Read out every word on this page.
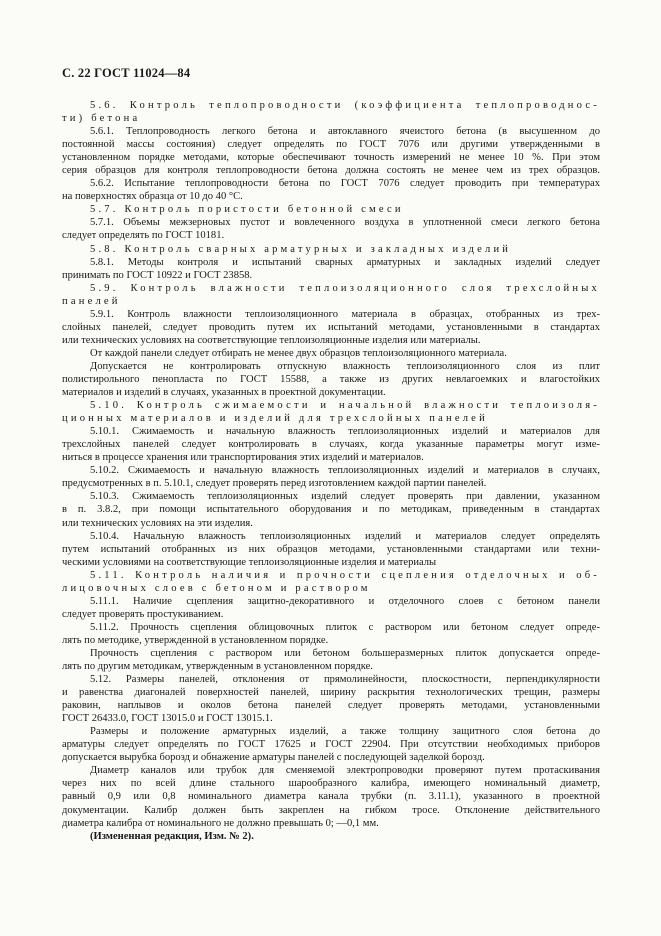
С. 22 ГОСТ 11024—84
5.6. Контроль теплопроводности (коэффициента теплопроводнос-
ти) бетона
5.6.1. Теплопроводность легкого бетона и автоклавного ячеистого бетона (в высушенном до
постоянной массы состояния) следует определять по ГОСТ 7076 или другими утвержденными в
установленном порядке методами, которые обеспечивают точность измерений не менее 10 %. При этом
серия образцов для контроля теплопроводности бетона должна состоять не менее чем из трех образцов.
5.6.2. Испытание теплопроводности бетона по ГОСТ 7076 следует проводить при температурах
на поверхностях образца от 10 до 40 °С.
5.7. Контроль пористости бетонной смеси
5.7.1. Объемы межзерновых пустот и вовлеченного воздуха в уплотненной смеси легкого бетона
следует определять по ГОСТ 10181.
5.8. Контроль сварных арматурных и закладных изделий
5.8.1. Методы контроля и испытаний сварных арматурных и закладных изделий следует
принимать по ГОСТ 10922 и ГОСТ 23858.
5.9. Контроль влажности теплоизоляционного слоя трехслойных
панелей
5.9.1. Контроль влажности теплоизоляционного материала в образцах, отобранных из трех-
слойных панелей, следует проводить путем их испытаний методами, установленными в стандартах
или технических условиях на соответствующие теплоизоляционные изделия или материалы.
От каждой панели следует отбирать не менее двух образцов теплоизоляционного материала.
Допускается не контролировать отпускную влажность теплоизоляционного слоя из плит
полистирольного пенопласта по ГОСТ 15588, а также из других невлагоемких и влагостойких
материалов и изделий в случаях, указанных в проектной документации.
5.10. Контроль сжимаемости и начальной влажности теплоизоля-
ционных материалов и изделий для трехслойных панелей
5.10.1. Сжимаемость и начальную влажность теплоизоляционных изделий и материалов для
трехслойных панелей следует контролировать в случаях, когда указанные параметры могут изме-
ниться в процессе хранения или транспортирования этих изделий и материалов.
5.10.2. Сжимаемость и начальную влажность теплоизоляционных изделий и материалов в случаях,
предусмотренных в п. 5.10.1, следует проверять перед изготовлением каждой партии панелей.
5.10.3. Сжимаемость теплоизоляционных изделий следует проверять при давлении, указанном
в п. 3.8.2, при помощи испытательного оборудования и по методикам, приведенным в стандартах
или технических условиях на эти изделия.
5.10.4. Начальную влажность теплоизоляционных изделий и материалов следует определять
путем испытаний отобранных из них образцов методами, установленными стандартами или техни-
ческими условиями на соответствующие теплоизоляционные изделия и материалы
5.11. Контроль наличия и прочности сцепления отделочных и об-
лицовочных слоев с бетоном и раствором
5.11.1. Наличие сцепления защитно-декоративного и отделочного слоев с бетоном панели
следует проверять простукиванием.
5.11.2. Прочность сцепления облицовочных плиток с раствором или бетоном следует опреде-
лять по методике, утвержденной в установленном порядке.
Прочность сцепления с раствором или бетоном большеразмерных плиток допускается опреде-
лять по другим методикам, утвержденным в установленном порядке.
5.12. Размеры панелей, отклонения от прямолинейности, плоскостности, перпендикулярности
и равенства диагоналей поверхностей панелей, ширину раскрытия технологических трещин, размеры
раковин, наплывов и околов бетона панелей следует проверять методами, установленными
ГОСТ 26433.0, ГОСТ 13015.0 и ГОСТ 13015.1.
Размеры и положение арматурных изделий, а также толщину защитного слоя бетона до
арматуры следует определять по ГОСТ 17625 и ГОСТ 22904. При отсутствии необходимых приборов
допускается вырубка борозд и обнажение арматуры панелей с последующей заделкой борозд.
Диаметр каналов или трубок для сменяемой электропроводки проверяют путем протаскивания
через них по всей длине стального шарообразного калибра, имеющего номинальный диаметр,
равный 0,9 или 0,8 номинального диаметра канала трубки (п. 3.11.1), указанного в проектной
документации. Калибр должен быть закреплен на гибком тросе. Отклонение действительного
диаметра калибра от номинального не должно превышать 0; —0,1 мм.
(Измененная редакция, Изм. № 2).
